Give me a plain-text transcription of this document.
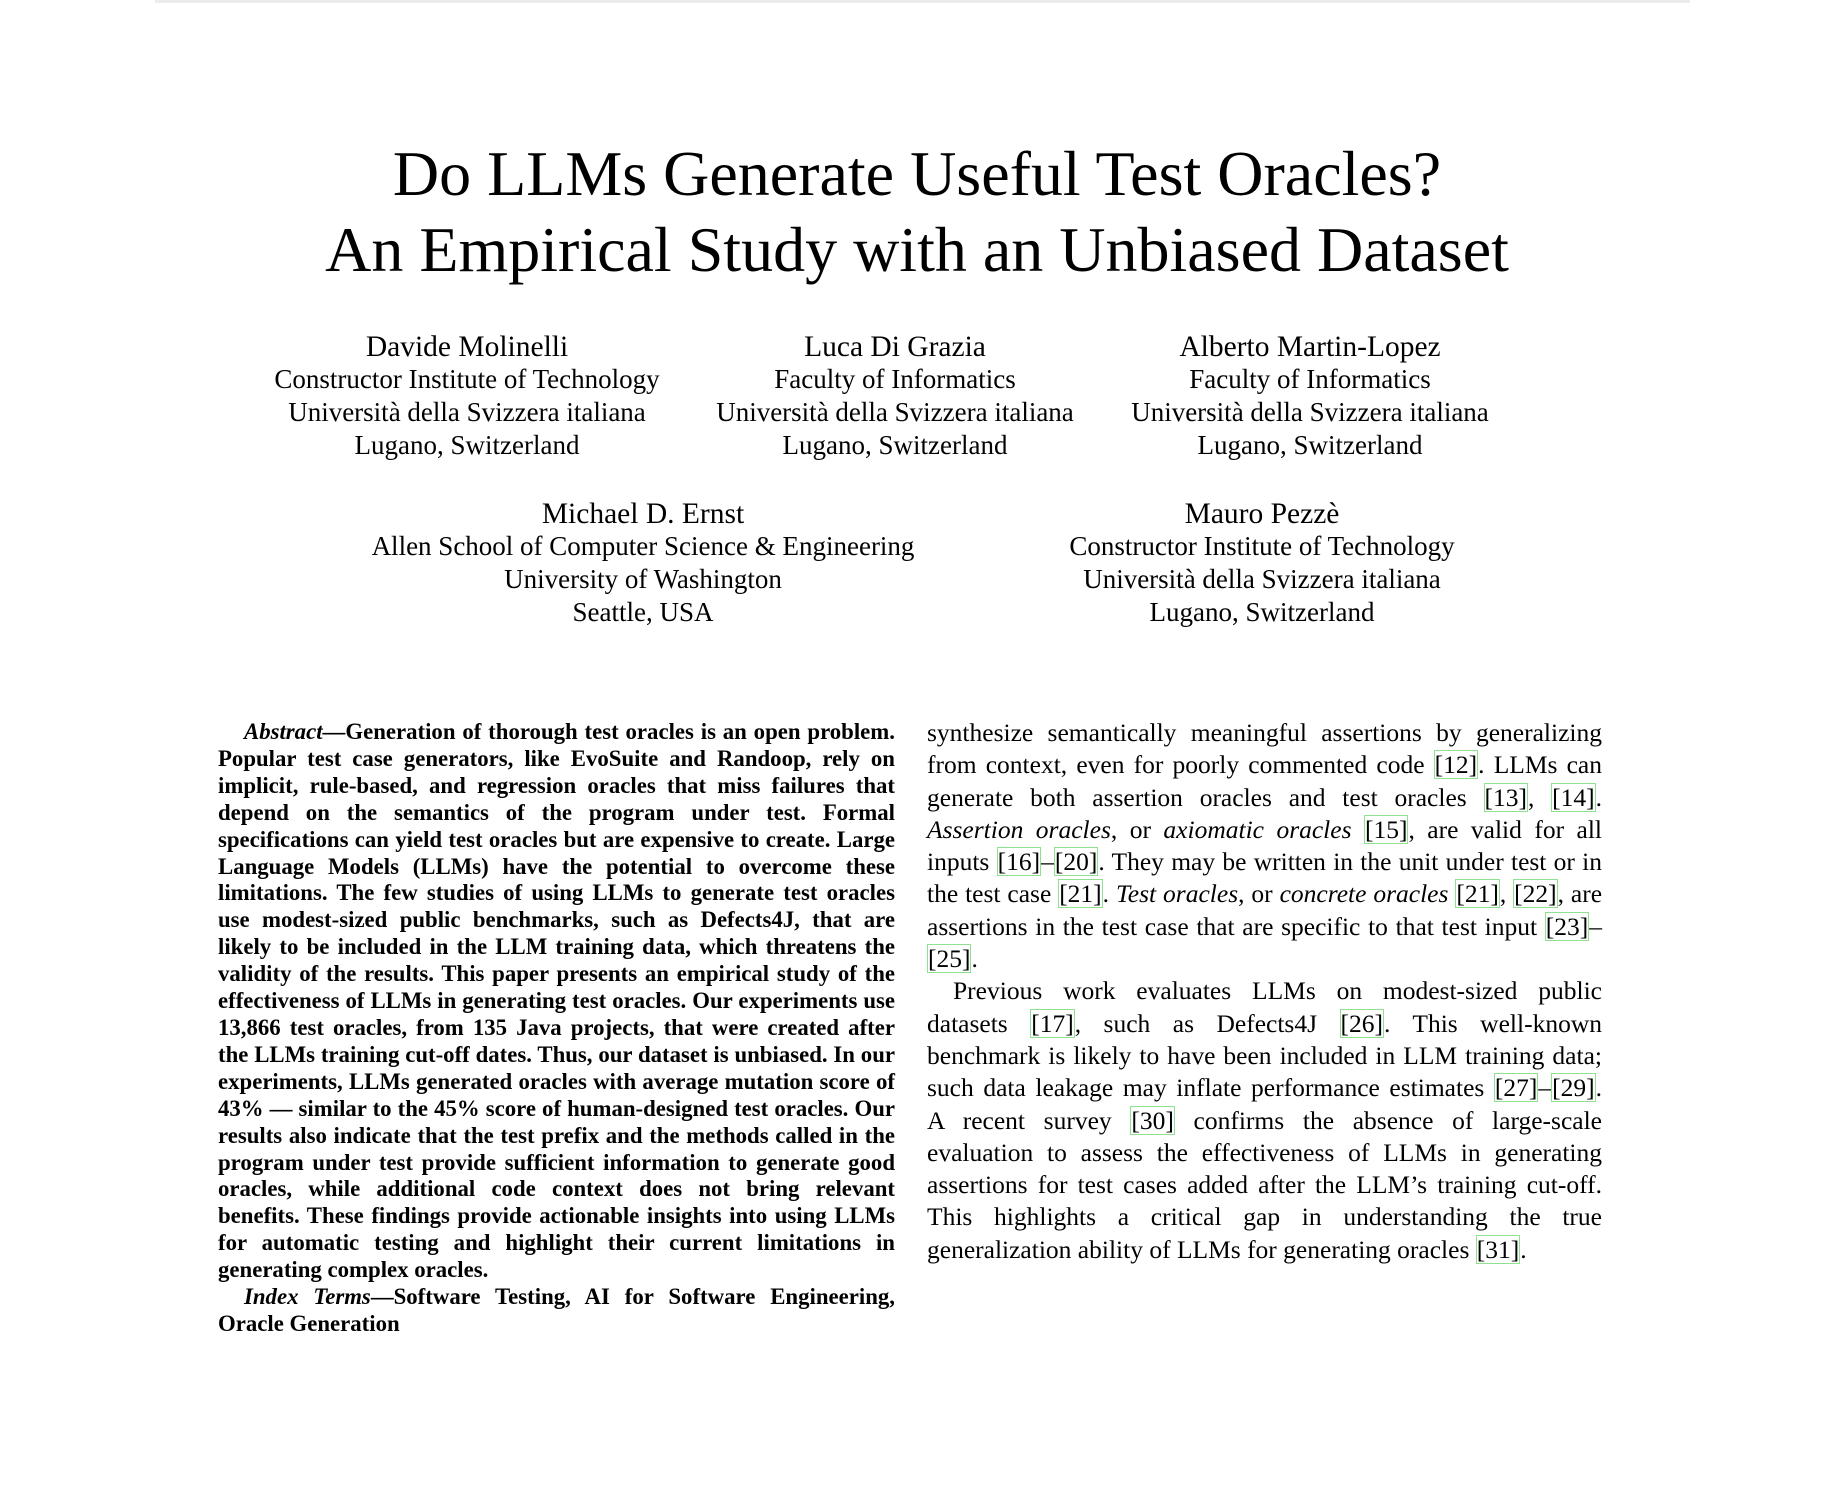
Do LLMs Generate Useful Test Oracles?
An Empirical Study with an Unbiased Dataset
Davide Molinelli
Constructor Institute of Technology
Università della Svizzera italiana
Lugano, Switzerland
Luca Di Grazia
Faculty of Informatics
Università della Svizzera italiana
Lugano, Switzerland
Alberto Martin-Lopez
Faculty of Informatics
Università della Svizzera italiana
Lugano, Switzerland
Michael D. Ernst
Allen School of Computer Science & Engineering
University of Washington
Seattle, USA
Mauro Pezzè
Constructor Institute of Technology
Università della Svizzera italiana
Lugano, Switzerland

Abstract—Generation of thorough test oracles is an open problem. Popular test case generators, like EvoSuite and Randoop, rely on implicit, rule-based, and regression oracles that miss failures that depend on the semantics of the program under test. Formal specifications can yield test oracles but are expensive to create. Large Language Models (LLMs) have the potential to overcome these limitations. The few studies of using LLMs to generate test oracles use modest-sized public benchmarks, such as Defects4J, that are likely to be included in the LLM training data, which threatens the validity of the results. This paper presents an empirical study of the effectiveness of LLMs in generating test oracles. Our experiments use 13,866 test oracles, from 135 Java projects, that were created after the LLMs training cut-off dates. Thus, our dataset is unbiased. In our experiments, LLMs generated oracles with average mutation score of 43% — similar to the 45% score of human-designed test oracles. Our results also indicate that the test prefix and the methods called in the program under test provide sufficient information to generate good oracles, while additional code context does not bring relevant benefits. These findings provide actionable insights into using LLMs for automatic testing and highlight their current limitations in generating complex oracles.

Index Terms—Software Testing, AI for Software Engineering, Oracle Generation

synthesize semantically meaningful assertions by generalizing from context, even for poorly commented code [12]. LLMs can generate both assertion oracles and test oracles [13], [14]. Assertion oracles, or axiomatic oracles [15], are valid for all inputs [16]–[20]. They may be written in the unit under test or in the test case [21]. Test oracles, or concrete oracles [21], [22], are assertions in the test case that are specific to that test input [23]–[25].

Previous work evaluates LLMs on modest-sized public datasets [17], such as Defects4J [26]. This well-known benchmark is likely to have been included in LLM training data; such data leakage may inflate performance estimates [27]–[29]. A recent survey [30] confirms the absence of large-scale evaluation to assess the effectiveness of LLMs in generating assertions for test cases added after the LLM’s training cut-off. This highlights a critical gap in understanding the true generalization ability of LLMs for generating oracles [31].
